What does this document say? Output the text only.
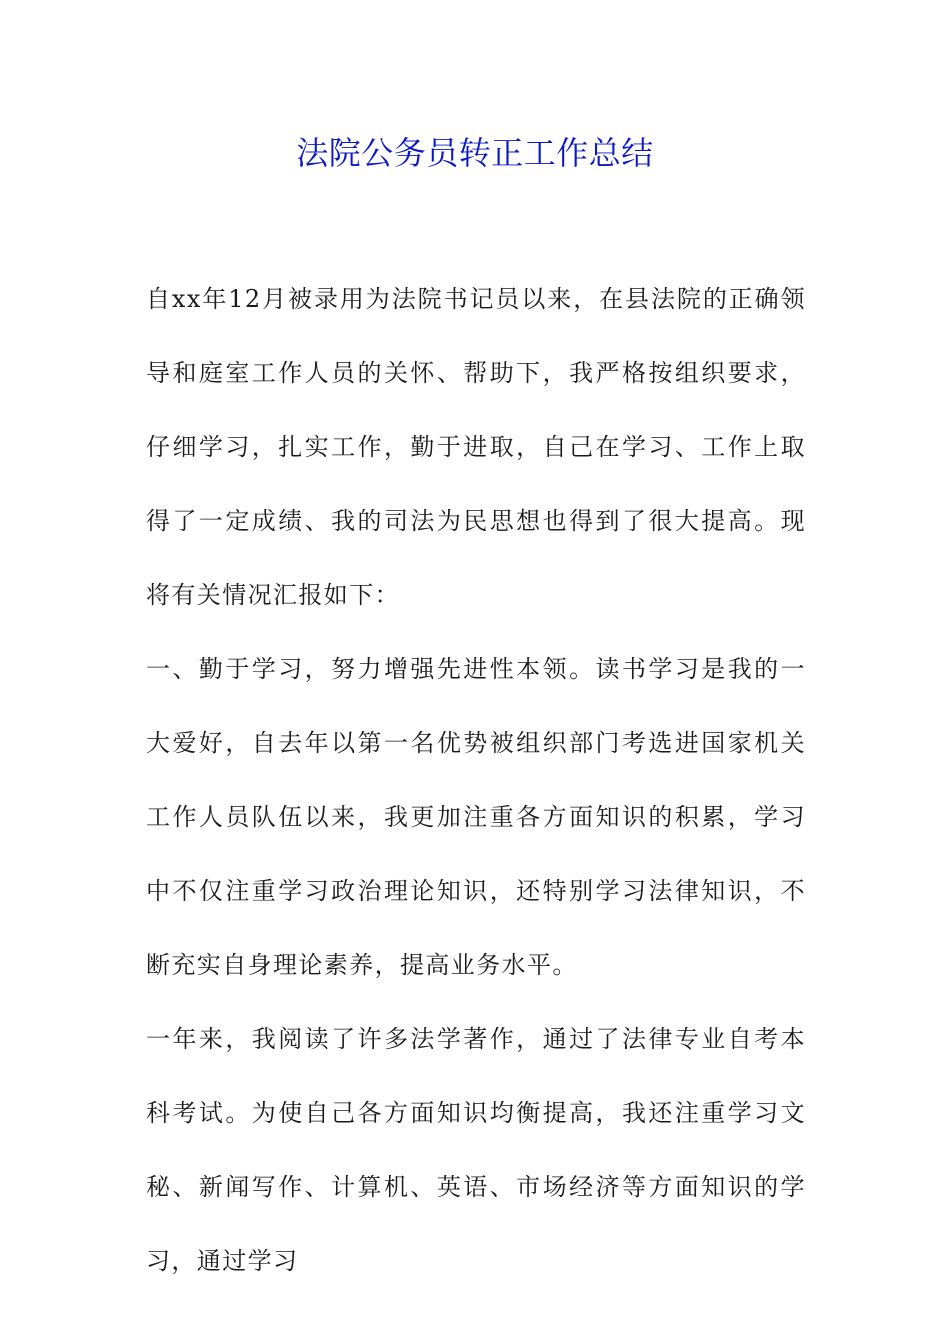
法院公务员转正工作总结

自xx年12月被录用为法院书记员以来，在县法院的正确领导和庭室工作人员的关怀、帮助下，我严格按组织要求，仔细学习，扎实工作，勤于进取，自己在学习、工作上取得了一定成绩、我的司法为民思想也得到了很大提高。现将有关情况汇报如下：

一、勤于学习，努力增强先进性本领。读书学习是我的一大爱好，自去年以第一名优势被组织部门考选进国家机关工作人员队伍以来，我更加注重各方面知识的积累，学习中不仅注重学习政治理论知识，还特别学习法律知识，不断充实自身理论素养，提高业务水平。

一年来，我阅读了许多法学著作，通过了法律专业自考本科考试。为使自己各方面知识均衡提高，我还注重学习文秘、新闻写作、计算机、英语、市场经济等方面知识的学习，通过学习
